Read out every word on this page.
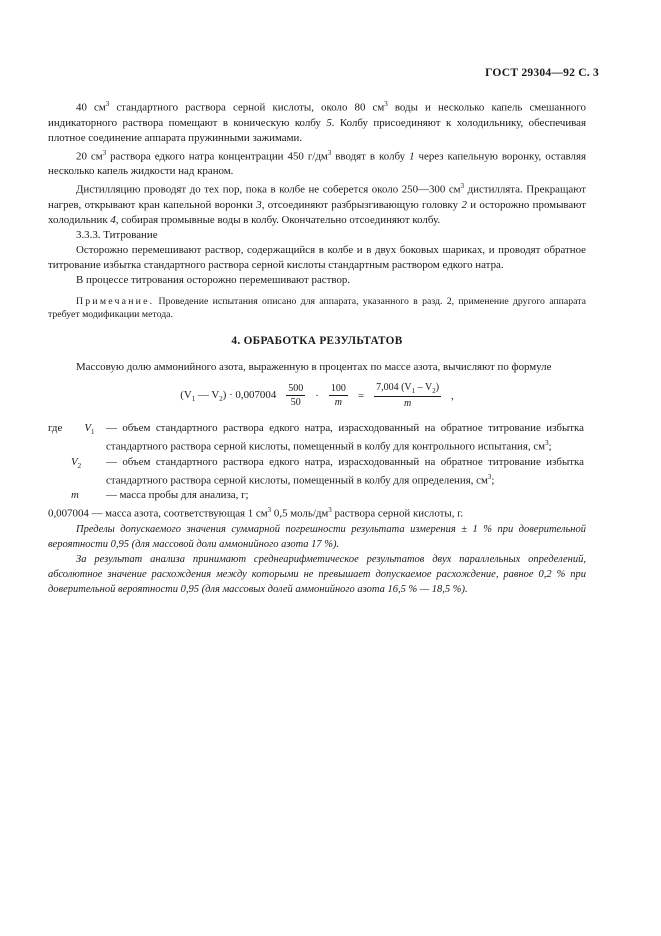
ГОСТ 29304—92 С. 3

40 $см^3$ стандартного раствора серной кислоты, около 80 $см^3$ воды и несколько капель смешанного индикаторного раствора помещают в коническую колбу 5. Колбу присоединяют к холодильнику, обеспечивая плотное соединение аппарата пружинными зажимами.

20 $см^3$ раствора едкого натра концентрации 450 $г/дм^3$ вводят в колбу 1 через капельную воронку, оставляя несколько капель жидкости над краном.

Дистилляцию проводят до тех пор, пока в колбе не соберется около 250—300 $см^3$ дистиллята. Прекращают нагрев, открывают кран капельной воронки 3, отсоединяют разбрызгивающую головку 2 и осторожно промывают холодильник 4, собирая промывные воды в колбу. Окончательно отсоединяют колбу.

3.3.3. Титрование

Осторожно перемешивают раствор, содержащийся в колбе и в двух боковых шариках, и проводят обратное титрование избытка стандартного раствора серной кислоты стандартным раствором едкого натра.

В процессе титрования осторожно перемешивают раствор.

Примечание. Проведение испытания описано для аппарата, указанного в разд. 2, применение другого аппарата требует модификации метода.

4. ОБРАБОТКА РЕЗУЛЬТАТОВ

Массовую долю аммонийного азота, выраженную в процентах по массе азота, вычисляют по формуле

($V_1$ — $V_2) \cdot 0,007004 \frac{500}{50} \cdot \frac{100}{m} = \frac{7,004 (V_1 - V_2)}{m}$ ,
где $V_1$	— объем стандартного раствора едкого натра, израсходованный на обратное титрование избытка стандартного раствора серной кислоты, помещенный в колбу для контрольного испытания, $см^3$;
$V_2$	— объем стандартного раствора едкого натра, израсходованный на обратное титрование избытка стандартного раствора серной кислоты, помещенный в колбу для определения, $см^3$;
m	— масса пробы для анализа, г;

0,007004 — масса азота, соответствующая 1 $см^3$ 0,5 моль/$дм^3$ раствора серной кислоты, г.

Пределы допускаемого значения суммарной погрешности результата измерения ± 1 % при доверительной вероятности 0,95 (для массовой доли аммонийного азота 17 %).

За результат анализа принимают среднеарифметическое результатов двух параллельных определений, абсолютное значение расхождения между которыми не превышает допускаемое расхождение, равное 0,2 % при доверительной вероятности 0,95 (для массовых долей аммонийного азота 16,5 % — 18,5 %).
